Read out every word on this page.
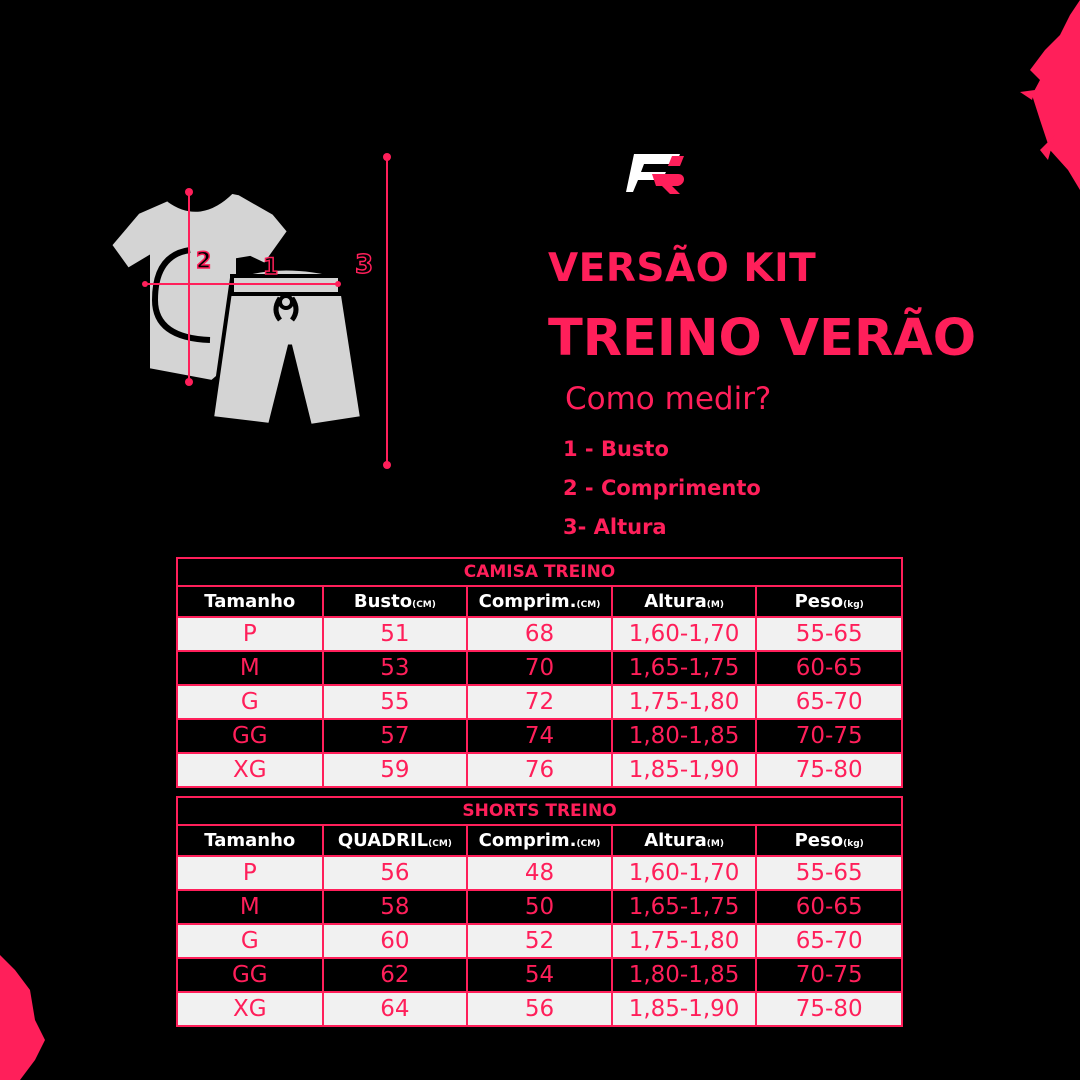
2 1	3	VERSÃO KIT
TREINO VERÃO
Como medir?
1 - Busto
2 - Comprimento
3- Altura
CAMISA TREINO				
Tamanho	Busto(CM)	Comprim.(CM)	Altura(M)	Peso(kg)
P	51	68	1,60-1,70	55-65
M	53	70	1,65-1,75	60-65
G	55	72	1,75-1,80	65-70
GG	57	74	1,80-1,85	70-75
XG	59	76	1,85-1,90	75-80
SHORTS TREINO				
Tamanho	QUADRIL(CM)	Comprim.(CM)	Altura(M)	Peso(kg)
P	56	48	1,60-1,70	55-65
M	58	50	1,65-1,75	60-65
G	60	52	1,75-1,80	65-70
GG	62	54	1,80-1,85	70-75
XG	64	56	1,85-1,90	75-80
